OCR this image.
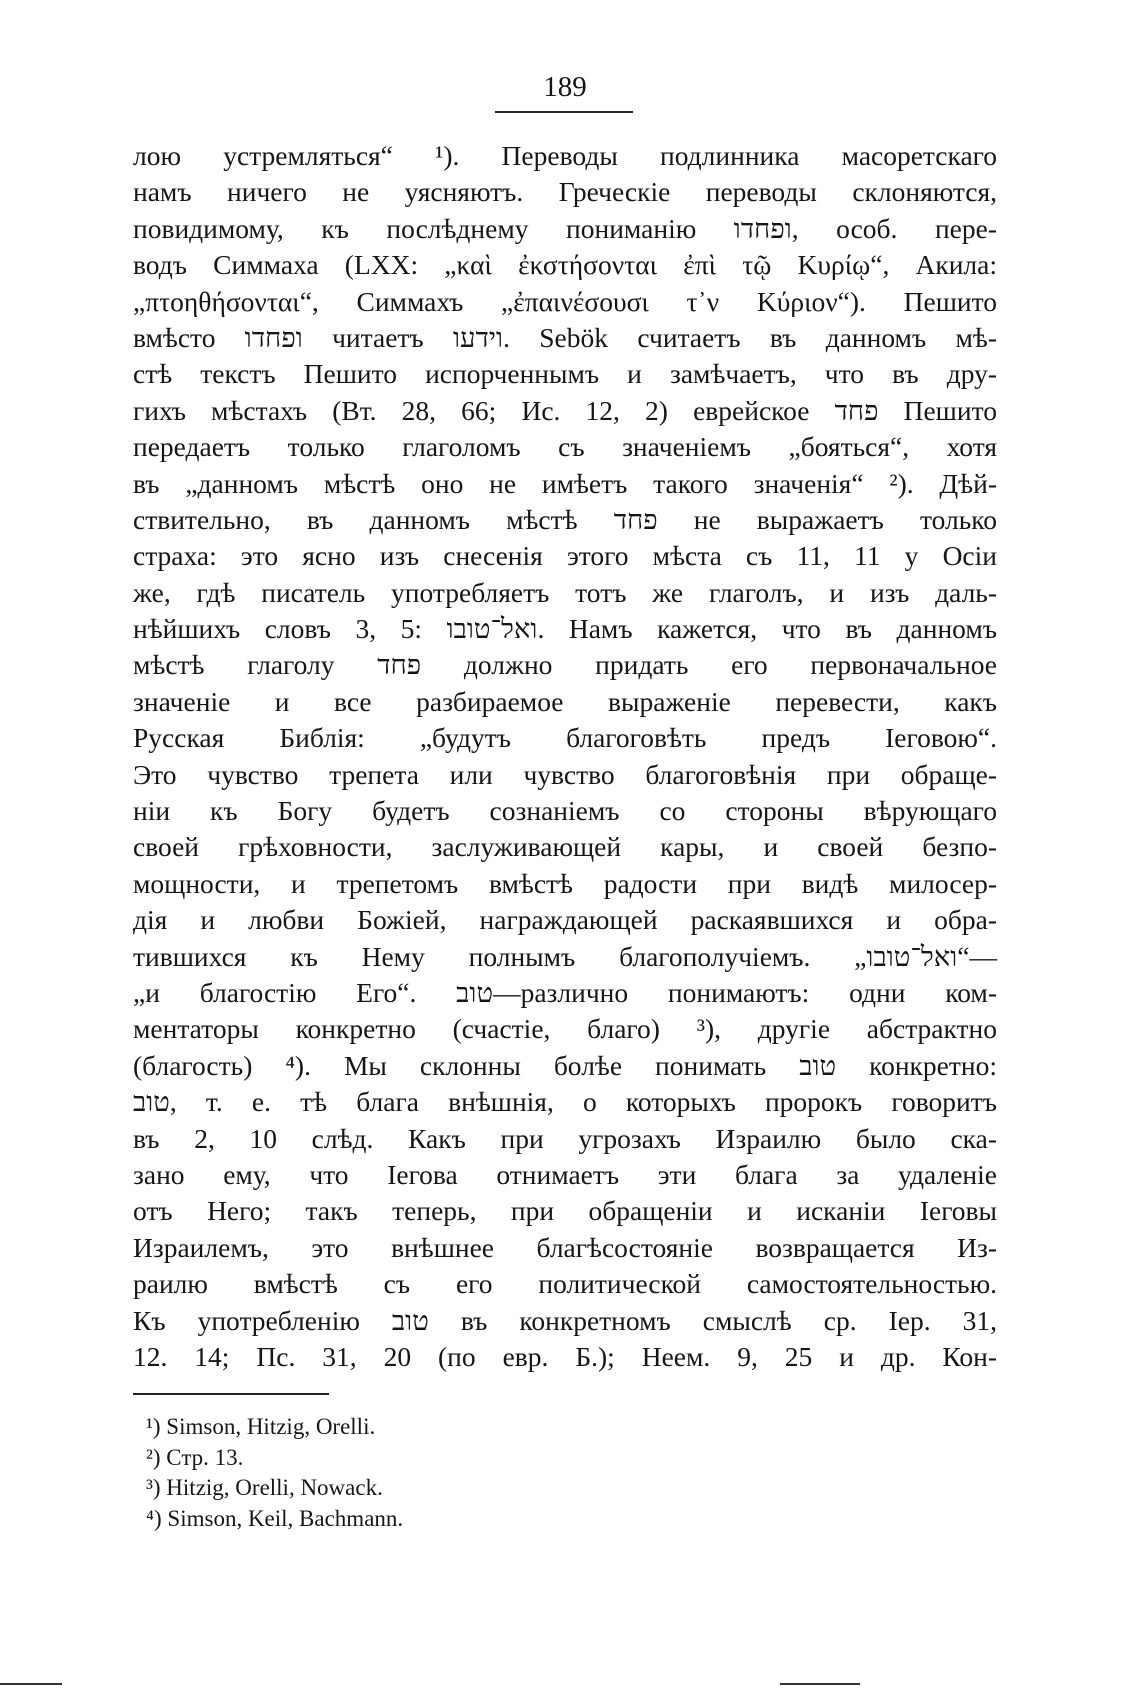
189
лою устремляться“ ¹). Переводы подлинника масоретскаго
намъ ничего не уясняютъ. Греческіе переводы склоняются,
повидимому, къ послѣднему пониманію ופחדו, особ. пере-
водъ Симмаха (LXX: „καὶ ἐκστήσονται ἐπὶ τῷ Κυρίῳ“, Акила:
„πτοηθήσονται“, Симмахъ „ἐπαινέσουσι τ᾿ν Κύριον“). Пешито
вмѣсто ופחדו читаетъ וידעו. Sebök считаетъ въ данномъ мѣ-
стѣ текстъ Пешито испорченнымъ и замѣчаетъ, что въ дру-
гихъ мѣстахъ (Вт. 28, 66; Ис. 12, 2) еврейское פחד Пешито
передаетъ только глаголомъ съ значеніемъ „бояться“, хотя
въ „данномъ мѣстѣ оно не имѣетъ такого значенія“ ²). Дѣй-
ствительно, въ данномъ мѣстѣ פחד не выражаетъ только
страха: это ясно изъ снесенія этого мѣста съ 11, 11 у Осіи
же, гдѣ писатель употребляетъ тотъ же глаголъ, и изъ даль-
нѣйшихъ словъ 3, 5: ואל־טובו. Намъ кажется, что въ данномъ
мѣстѣ глаголу פחד должно придать его первоначальное
значеніе и все разбираемое выраженіе перевести, какъ
Русская Библія: „будутъ благоговѣть предъ Іеговою“.
Это чувство трепета или чувство благоговѣнія при обраще-
ніи къ Богу будетъ сознаніемъ со стороны вѣрующаго
своей грѣховности, заслуживающей кары, и своей безпо-
мощности, и трепетомъ вмѣстѣ радости при видѣ милосер-
дія и любви Божіей, награждающей раскаявшихся и обра-
тившихся къ Нему полнымъ благополучіемъ. „ואל־טובו“—
„и благостію Его“. טוב—различно понимаютъ: одни ком-
ментаторы конкретно (счастіе, благо) ³), другіе абстрактно
(благость) ⁴). Мы склонны болѣе понимать טוב конкретно:
טוב, т. е. тѣ блага внѣшнія, о которыхъ пророкъ говоритъ
въ 2, 10 слѣд. Какъ при угрозахъ Израилю было ска-
зано ему, что Іегова отнимаетъ эти блага за удаленіе
отъ Него; такъ теперь, при обращеніи и исканіи Іеговы
Израилемъ, это внѣшнее благѣсостояніе возвращается Из-
раилю вмѣстѣ съ его политической самостоятельностью.
Къ употребленію טוב въ конкретномъ смыслѣ ср. Іер. 31,
12. 14; Пс. 31, 20 (по евр. Б.); Неем. 9, 25 и др. Кон-
¹) Simson, Hitzig, Orelli.
²) Стр. 13.
³) Hitzig, Orelli, Nowack.
⁴) Simson, Keil, Bachmann.
